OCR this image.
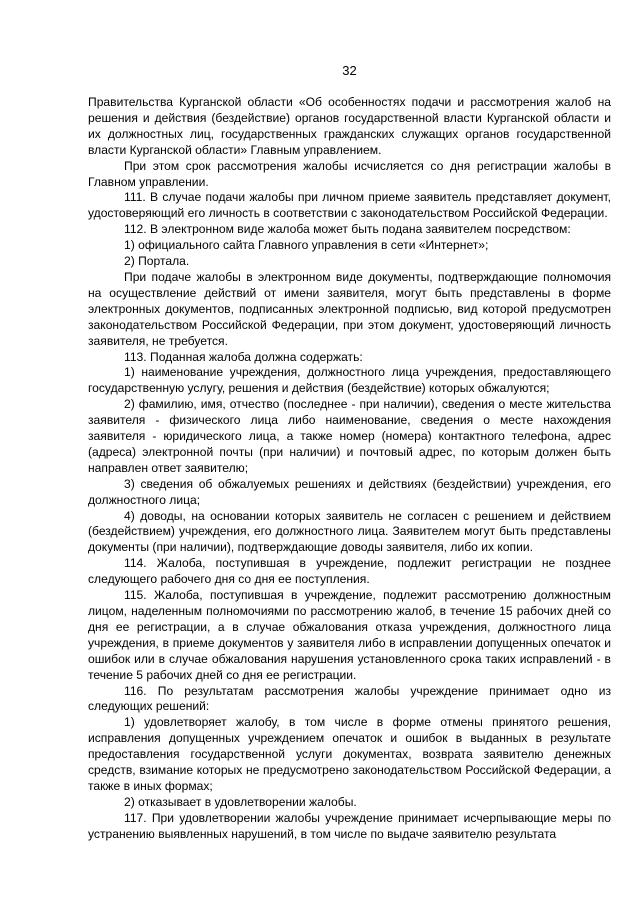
32

Правительства Курганской области «Об особенностях подачи и рассмотрения жалоб на решения и действия (бездействие) органов государственной власти Курганской области и их должностных лиц, государственных гражданских служащих органов государственной власти Курганской области» Главным управлением.

При этом срок рассмотрения жалобы исчисляется со дня регистрации жалобы в Главном управлении.

111. В случае подачи жалобы при личном приеме заявитель представляет документ, удостоверяющий его личность в соответствии с законодательством Российской Федерации.

112. В электронном виде жалоба может быть подана заявителем посредством:

1) официального сайта Главного управления в сети «Интернет»;

2) Портала.

При подаче жалобы в электронном виде документы, подтверждающие полномочия на осуществление действий от имени заявителя, могут быть представлены в форме электронных документов, подписанных электронной подписью, вид которой предусмотрен законодательством Российской Федерации, при этом документ, удостоверяющий личность заявителя, не требуется.

113. Поданная жалоба должна содержать:

1) наименование учреждения, должностного лица учреждения, предоставляющего государственную услугу, решения и действия (бездействие) которых обжалуются;

2) фамилию, имя, отчество (последнее - при наличии), сведения о месте жительства заявителя - физического лица либо наименование, сведения о месте нахождения заявителя - юридического лица, а также номер (номера) контактного телефона, адрес (адреса) электронной почты (при наличии) и почтовый адрес, по которым должен быть направлен ответ заявителю;

3) сведения об обжалуемых решениях и действиях (бездействии) учреждения, его должностного лица;

4) доводы, на основании которых заявитель не согласен с решением и действием (бездействием) учреждения, его должностного лица. Заявителем могут быть представлены документы (при наличии), подтверждающие доводы заявителя, либо их копии.

114. Жалоба, поступившая в учреждение, подлежит регистрации не позднее следующего рабочего дня со дня ее поступления.

115. Жалоба, поступившая в учреждение, подлежит рассмотрению должностным лицом, наделенным полномочиями по рассмотрению жалоб, в течение 15 рабочих дней со дня ее регистрации, а в случае обжалования отказа учреждения, должностного лица учреждения, в приеме документов у заявителя либо в исправлении допущенных опечаток и ошибок или в случае обжалования нарушения установленного срока таких исправлений - в течение 5 рабочих дней со дня ее регистрации.

116. По результатам рассмотрения жалобы учреждение принимает одно из следующих решений:

1) удовлетворяет жалобу, в том числе в форме отмены принятого решения, исправления допущенных учреждением опечаток и ошибок в выданных в результате предоставления государственной услуги документах, возврата заявителю денежных средств, взимание которых не предусмотрено законодательством Российской Федерации, а также в иных формах;

2) отказывает в удовлетворении жалобы.

117. При удовлетворении жалобы учреждение принимает исчерпывающие меры по устранению выявленных нарушений, в том числе по выдаче заявителю результата
